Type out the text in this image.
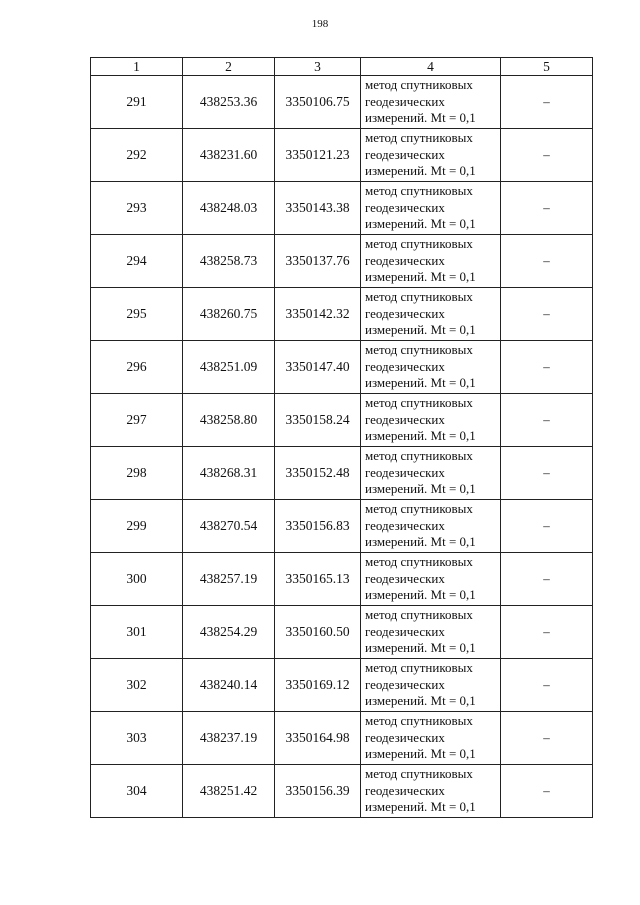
198
1	2	3	4	5
291	438253.36	3350106.75	метод спутниковых
геодезических
измерений. Mt = 0,1	–
292	438231.60	3350121.23	метод спутниковых
геодезических
измерений. Mt = 0,1	–
293	438248.03	3350143.38	метод спутниковых
геодезических
измерений. Mt = 0,1	–
294	438258.73	3350137.76	метод спутниковых
геодезических
измерений. Mt = 0,1	–
295	438260.75	3350142.32	метод спутниковых
геодезических
измерений. Mt = 0,1	–
296	438251.09	3350147.40	метод спутниковых
геодезических
измерений. Mt = 0,1	–
297	438258.80	3350158.24	метод спутниковых
геодезических
измерений. Mt = 0,1	–
298	438268.31	3350152.48	метод спутниковых
геодезических
измерений. Mt = 0,1	–
299	438270.54	3350156.83	метод спутниковых
геодезических
измерений. Mt = 0,1	–
300	438257.19	3350165.13	метод спутниковых
геодезических
измерений. Mt = 0,1	–
301	438254.29	3350160.50	метод спутниковых
геодезических
измерений. Mt = 0,1	–
302	438240.14	3350169.12	метод спутниковых
геодезических
измерений. Mt = 0,1	–
303	438237.19	3350164.98	метод спутниковых
геодезических
измерений. Mt = 0,1	–
304	438251.42	3350156.39	метод спутниковых
геодезических
измерений. Mt = 0,1	–
